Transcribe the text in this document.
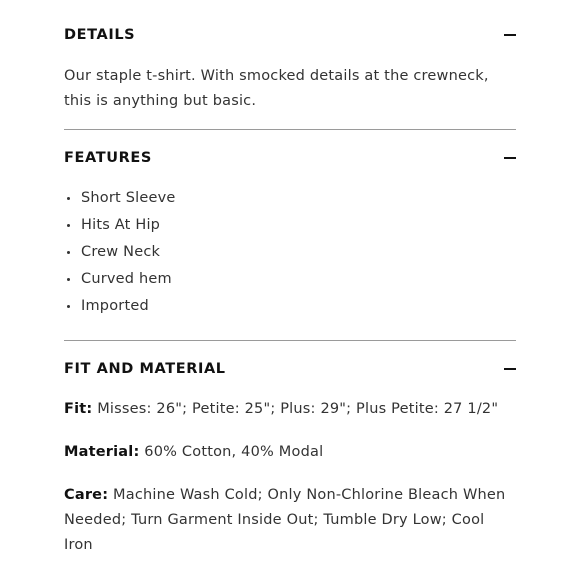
DETAILS
Our staple t-shirt. With smocked details at the crewneck, this is anything but basic.
FEATURES
Short Sleeve
Hits At Hip
Crew Neck
Curved hem
Imported
FIT AND MATERIAL
Fit: Misses: 26"; Petite: 25"; Plus: 29"; Plus Petite: 27 1/2"
Material: 60% Cotton, 40% Modal
Care: Machine Wash Cold; Only Non-Chlorine Bleach When Needed; Turn Garment Inside Out; Tumble Dry Low; Cool Iron
